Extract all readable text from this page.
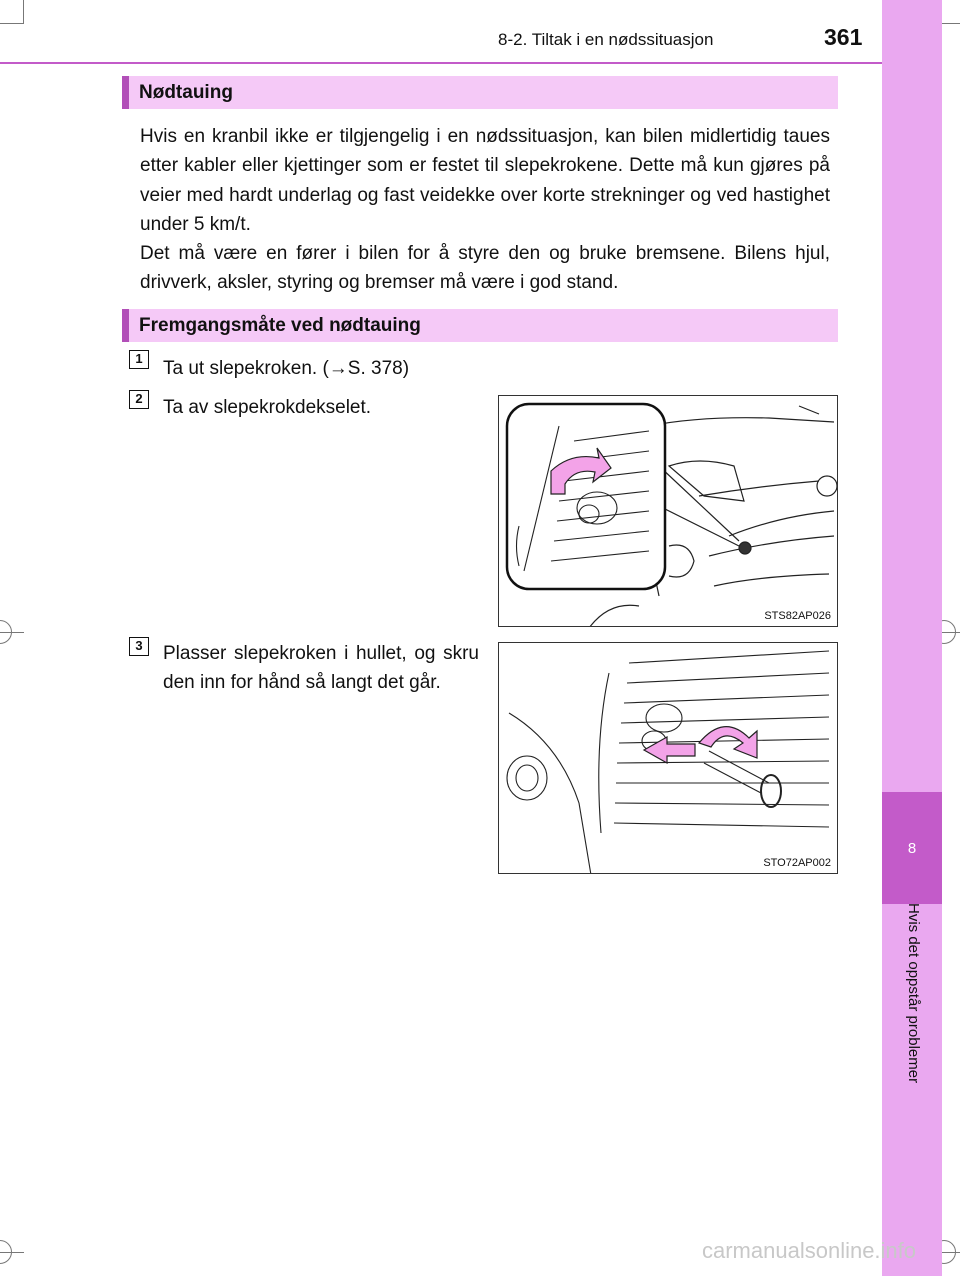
8
Hvis det oppstår problemer
8-2. Tiltak i en nødssituasjon	361
Nødtauing

Hvis en kranbil ikke er tilgjengelig i en nødssituasjon, kan bilen midlertidig taues etter kabler eller kjettinger som er festet til slepekrokene. Dette må kun gjøres på veier med hardt underlag og fast veidekke over korte strekninger og ved hastighet under 5 km/t.

Det må være en fører i bilen for å styre den og bruke bremsene. Bilens hjul, drivverk, aksler, styring og bremser må være i god stand.

Fremgangsmåte ved nødtauing
1	Ta ut slepekroken. (→S. 378)
2	Ta av slepekrokdekselet.
3	Plasser slepekroken i hullet, og skru den inn for hånd så langt det går.
STS82AP026
STO72AP002
carmanualsonline.info
